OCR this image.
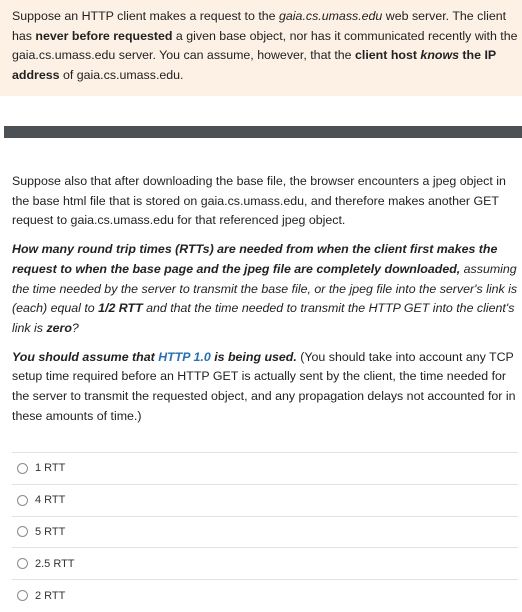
Suppose an HTTP client makes a request to the gaia.cs.umass.edu web server. The client has never before requested a given base object, nor has it communicated recently with the gaia.cs.umass.edu server. You can assume, however, that the client host knows the IP address of gaia.cs.umass.edu.

Suppose also that after downloading the base file, the browser encounters a jpeg object in the base html file that is stored on gaia.cs.umass.edu, and therefore makes another GET request to gaia.cs.umass.edu for that referenced jpeg object.

How many round trip times (RTTs) are needed from when the client first makes the request to when the base page and the jpeg file are completely downloaded, assuming the time needed by the server to transmit the base file, or the jpeg file into the server's link is (each) equal to 1/2 RTT and that the time needed to transmit the HTTP GET into the client's link is zero?

You should assume that HTTP 1.0 is being used. (You should take into account any TCP setup time required before an HTTP GET is actually sent by the client, the time needed for the server to transmit the requested object, and any propagation delays not accounted for in these amounts of time.)

1 RTT
4 RTT
5 RTT
2.5 RTT
2 RTT
